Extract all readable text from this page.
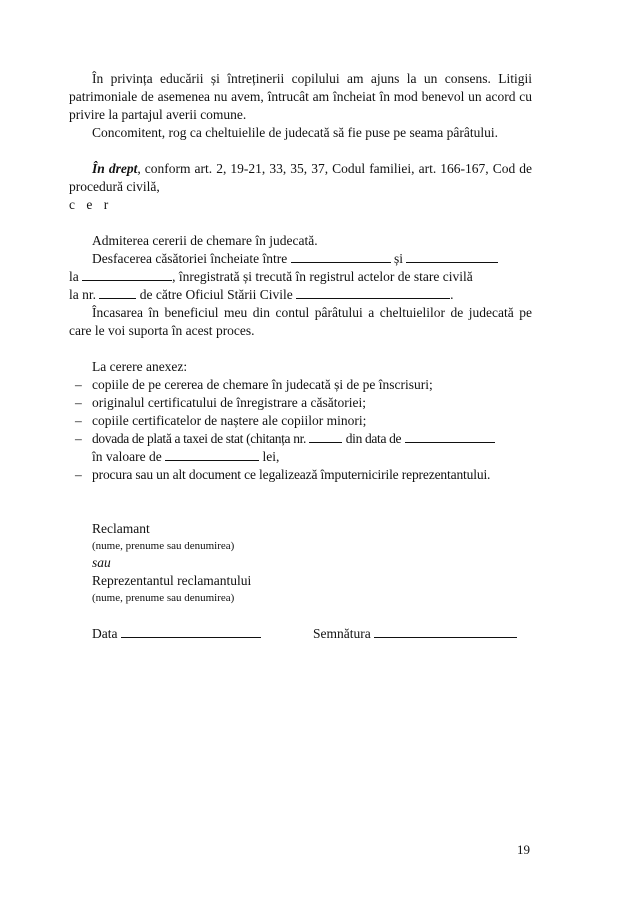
În privința educării și întreținerii copilului am ajuns la un consens. Litigii patrimoniale de asemenea nu avem, întrucât am încheiat în mod benevol un acord cu privire la partajul averii comune.

Concomitent, rog ca cheltuielile de judecată să fie puse pe seama pârâtului.

În drept, conform art. 2, 19-21, 33, 35, 37, Codul familiei, art. 166-167, Cod de procedură civilă,

c e r

Admiterea cererii de chemare în judecată.

Desfacerea căsătoriei încheiate între	și

la	, înregistrată și trecută în registrul actelor de stare civilă

la nr.	de către Oficiul Stării Civile	.

Încasarea în beneficiul meu din contul pârâtului a cheltuielilor de judecată pe care le voi suporta în acest proces.

La cerere anexez:

– copiile de pe cererea de chemare în judecată și de pe înscrisuri;
– originalul certificatului de înregistrare a căsătoriei;
– copiile certificatelor de naștere ale copiilor minori;
– dovada de plată a taxei de stat (chitanța nr.	din data de
în valoare de	lei,
– procura sau un alt document ce legalizează împuternicirile reprezentantului.
Reclamant
(nume, prenume sau denumirea)
sau
Reprezentantul reclamantului
(nume, prenume sau denumirea)
Data	Semnătura
19
